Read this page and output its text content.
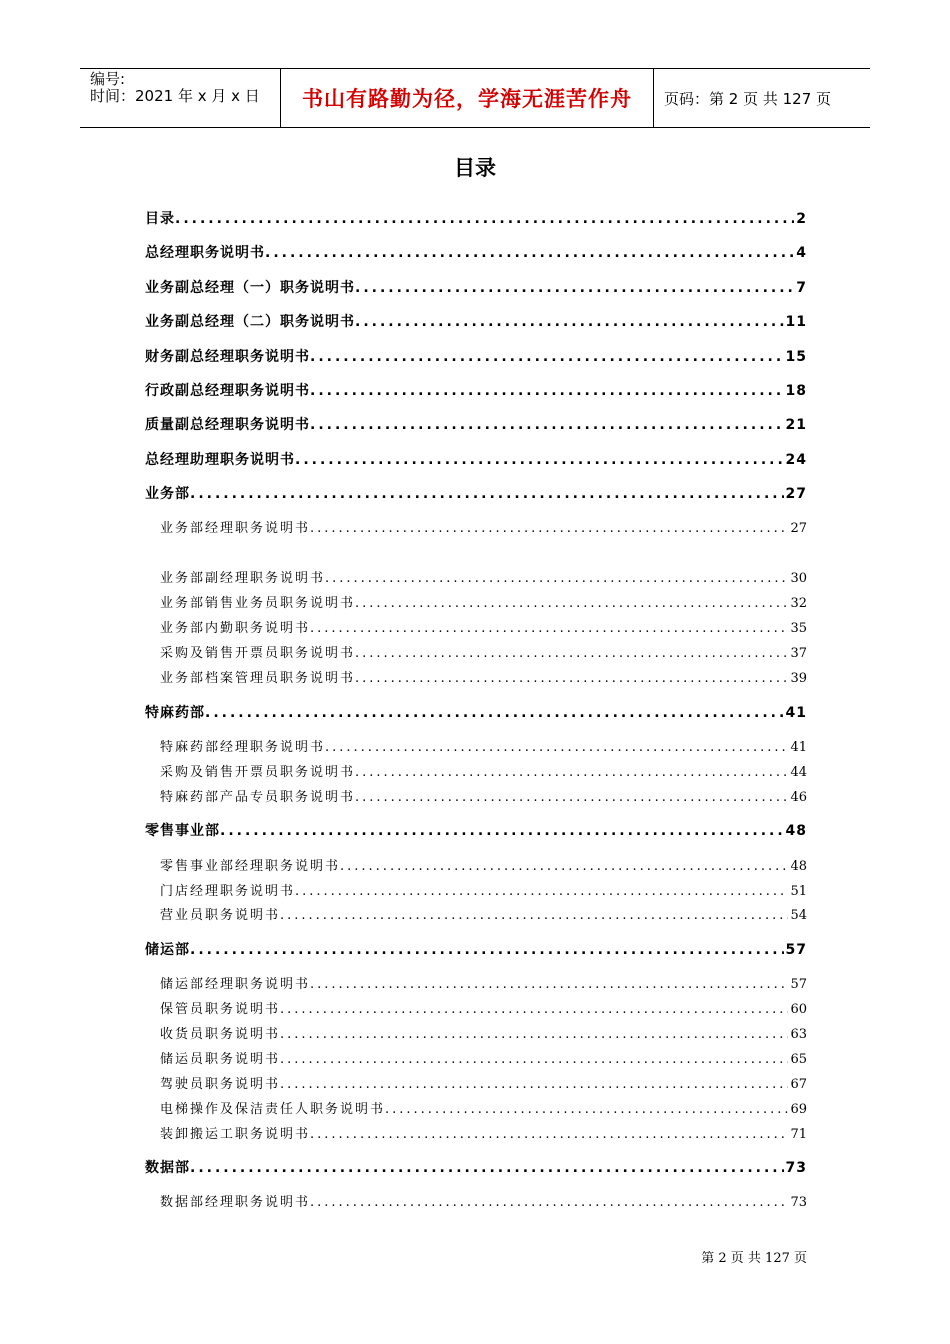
编号:
时间：2021 年 x 月 x 日	书山有路勤为径，学海无涯苦作舟	页码：第 2 页 共 127 页
目录
目录 .....	2
总经理职务说明书 .....	4
业务副总经理（一）职务说明书 .....	7
业务副总经理（二）职务说明书 .....	11
财务副总经理职务说明书 .....	15
行政副总经理职务说明书 .....	18
质量副总经理职务说明书 .....	21
总经理助理职务说明书 .....	24
业务部 .....	27
业务部经理职务说明书 .....	27
业务部副经理职务说明书 .....	30
业务部销售业务员职务说明书 .....	32
业务部内勤职务说明书 .....	35
采购及销售开票员职务说明书 .....	37
业务部档案管理员职务说明书 .....	39
特麻药部 .....	41
特麻药部经理职务说明书 .....	41
采购及销售开票员职务说明书 .....	44
特麻药部产品专员职务说明书 .....	46
零售事业部 .....	48
零售事业部经理职务说明书 .....	48
门店经理职务说明书 .....	51
营业员职务说明书 .....	54
储运部 .....	57
储运部经理职务说明书 .....	57
保管员职务说明书 .....	60
收货员职务说明书 .....	63
储运员职务说明书 .....	65
驾驶员职务说明书 .....	67
电梯操作及保洁责任人职务说明书 .....	69
装卸搬运工职务说明书 .....	71
数据部 .....	73
数据部经理职务说明书 .....	73
第 2 页 共 127 页
